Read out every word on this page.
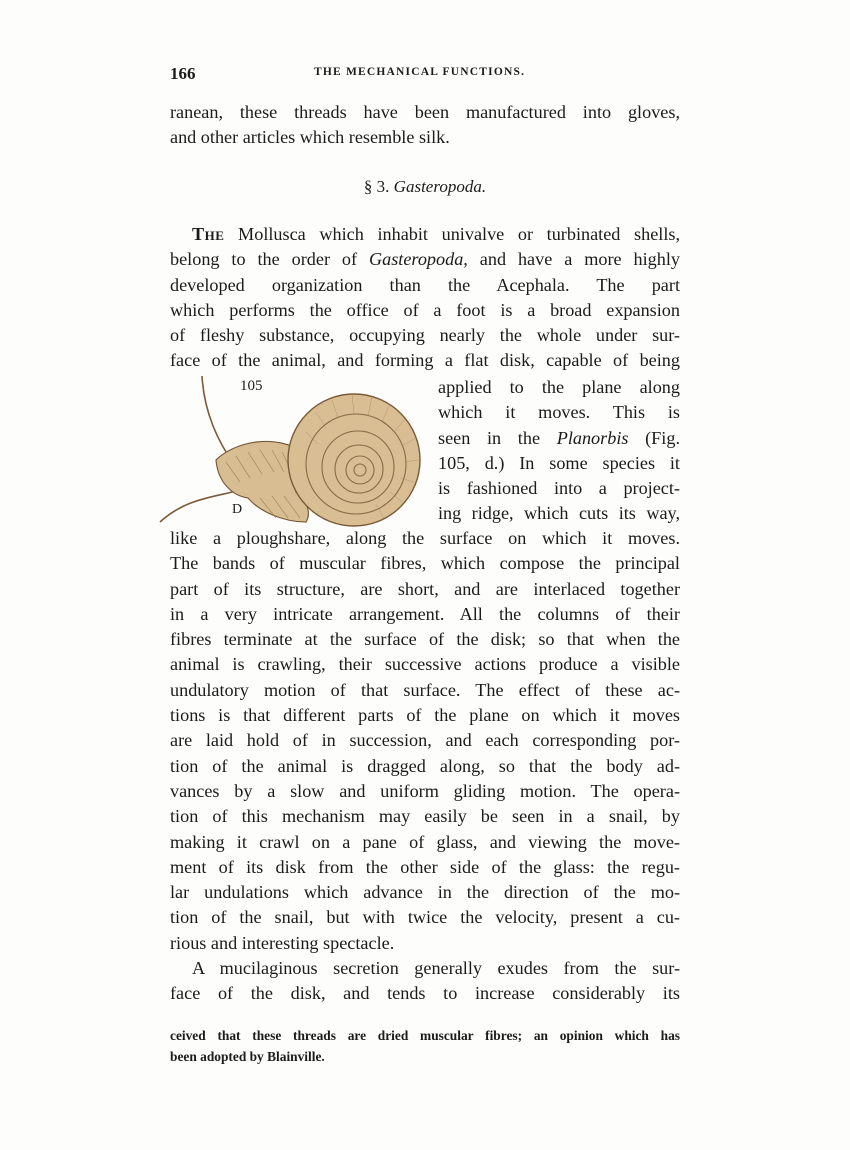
166	THE MECHANICAL FUNCTIONS.
ranean, these threads have been manufactured into gloves,
and other articles which resemble silk.
§ 3. Gasteropoda.
The Mollusca which inhabit univalve or turbinated shells,
belong to the order of Gasteropoda, and have a more highly
developed organization than the Acephala. The part
which performs the office of a foot is a broad expansion
of fleshy substance, occupying nearly the whole under sur-
face of the animal, and forming a flat disk, capable of being
105
D
applied to the plane along
which it moves. This is
seen in the Planorbis (Fig.
105, d.) In some species it
is fashioned into a project-
ing ridge, which cuts its way,
like a ploughshare, along the surface on which it moves.
The bands of muscular fibres, which compose the principal
part of its structure, are short, and are interlaced together
in a very intricate arrangement. All the columns of their
fibres terminate at the surface of the disk; so that when the
animal is crawling, their successive actions produce a visible
undulatory motion of that surface. The effect of these ac-
tions is that different parts of the plane on which it moves
are laid hold of in succession, and each corresponding por-
tion of the animal is dragged along, so that the body ad-
vances by a slow and uniform gliding motion. The opera-
tion of this mechanism may easily be seen in a snail, by
making it crawl on a pane of glass, and viewing the move-
ment of its disk from the other side of the glass: the regu-
lar undulations which advance in the direction of the mo-
tion of the snail, but with twice the velocity, present a cu-
rious and interesting spectacle.
A mucilaginous secretion generally exudes from the sur-
face of the disk, and tends to increase considerably its
ceived that these threads are dried muscular fibres; an opinion which has
been adopted by Blainville.
